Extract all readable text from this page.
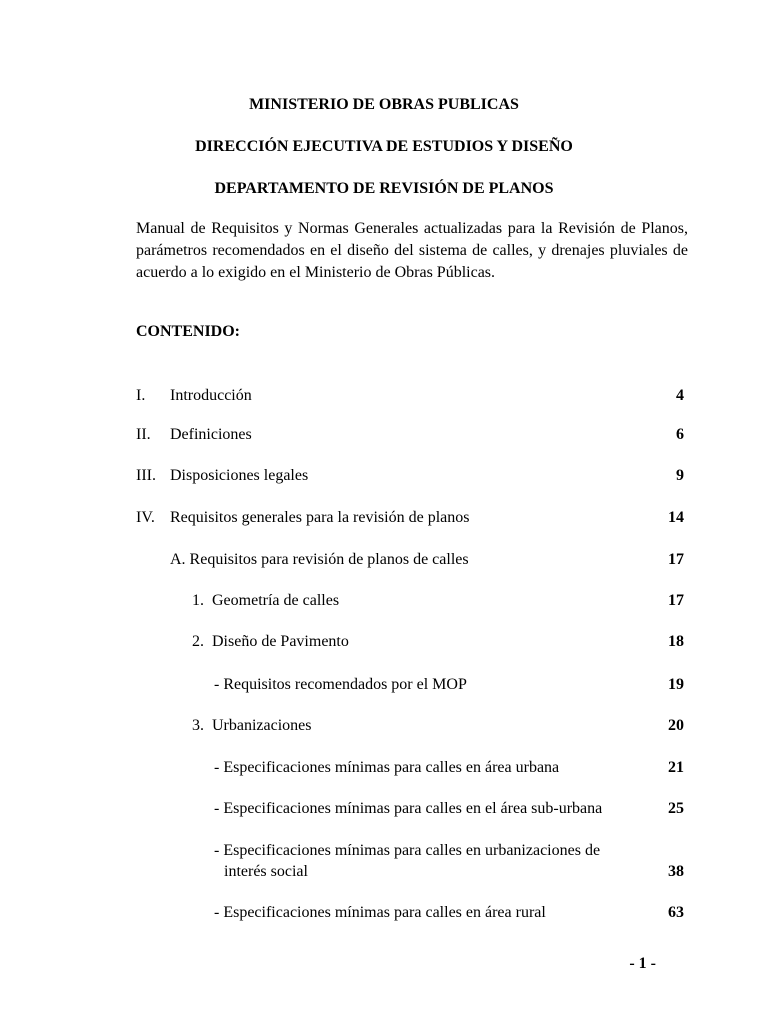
MINISTERIO DE OBRAS PUBLICAS
DIRECCIÓN EJECUTIVA DE ESTUDIOS Y DISEÑO
DEPARTAMENTO DE REVISIÓN DE PLANOS
Manual de Requisitos y Normas Generales actualizadas para la Revisión de Planos, parámetros recomendados en el diseño del sistema de calles, y drenajes pluviales de acuerdo a lo exigido en el Ministerio de Obras Públicas.
CONTENIDO:
I. Introducción	4
II. Definiciones	6
III. Disposiciones legales	9
IV. Requisitos generales para la revisión de planos	14
A. Requisitos para revisión de planos de calles	17
1.  Geometría de calles	17
2.  Diseño de Pavimento	18
- Requisitos recomendados por el MOP	19
3.  Urbanizaciones	20
- Especificaciones mínimas para calles en área urbana	21
- Especificaciones mínimas para calles en el área sub-urbana	25
- Especificaciones mínimas para calles en urbanizaciones de
interés social	38
- Especificaciones mínimas para calles en área rural	63
- 1 -
